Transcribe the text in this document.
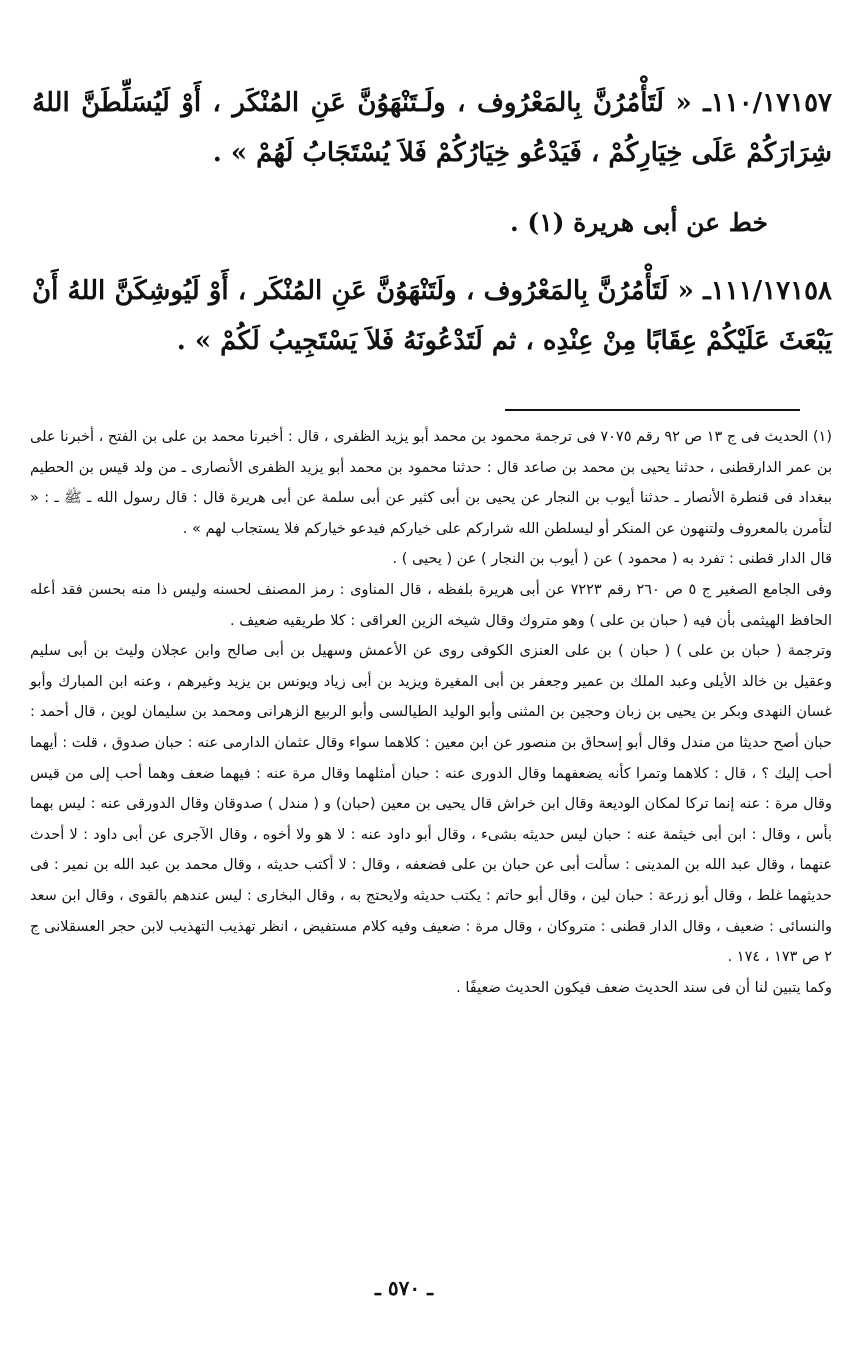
١١٠/١٧١٥٧ـ « لَتَأْمُرُنَّ بِالمَعْرُوف ، ولَـتَنْهَوُنَّ عَنِ المُنْكَر ، أَوْ لَيُسَلِّطَنَّ اللهُ شِرَارَكُمْ عَلَى خِيَارِكُمْ ، فَيَدْعُو خِيَارُكُمْ فَلاَ يُسْتَجَابُ لَهُمْ » .
خط عن أبى هريرة (١) .
١١١/١٧١٥٨ـ « لَتَأْمُرُنَّ بِالمَعْرُوف ، ولَتَنْهَوُنَّ عَنِ المُنْكَر ، أَوْ لَيُوشِكَنَّ اللهُ أَنْ يَبْعَثَ عَلَيْكُمْ عِقَابًا مِنْ عِنْدِه ، ثم لَتَدْعُونَهُ فَلاَ يَسْتَجِيبُ لَكُمْ » .

(١) الحديث فى ج ١٣ ص ٩٢ رقم ٧٠٧٥ فى ترجمة محمود بن محمد أبو يزيد الظفرى ، قال : أخبرنا محمد بن على بن الفتح ، أخبرنا على بن عمر الدارقطنى ، حدثنا يحيى بن محمد بن صاعد قال : حدثنا محمود بن محمد أبو يزيد الظفرى الأنصارى ـ من ولد قيس بن الحطيم ببغداد فى قنطرة الأنصار ـ حدثنا أيوب بن النجار عن يحيى بن أبى كثير عن أبى سلمة عن أبى هريرة قال : قال رسول الله ـ ﷺ ـ : « لتأمرن بالمعروف ولتنهون عن المنكر أو ليسلطن الله شراركم على خياركم فيدعو خياركم فلا يستجاب لهم » .

قال الدار قطنى : تفرد به ( محمود ) عن ( أيوب بن النجار ) عن ( يحيى ) .

وفى الجامع الصغير ج ٥ ص ٢٦٠ رقم ٧٢٢٣ عن أبى هريرة بلفظه ، قال المناوى : رمز المصنف لحسنه وليس ذا منه بحسن فقد أعله الحافظ الهيثمى بأن فيه ( حبان بن على ) وهو متروك وقال شيخه الزين العراقى : كلا طريقيه ضعيف .

وترجمة ( حبان بن على ) ( حبان ) بن على العنزى الكوفى روى عن الأعمش وسهيل بن أبى صالح وابن عجلان وليث بن أبى سليم وعقيل بن خالد الأيلى وعبد الملك بن عمير وجعفر بن أبى المغيرة ويزيد بن أبى زياد ويونس بن يزيد وغيرهم ، وعنه ابن المبارك وأبو غسان النهدى وبكر بن يحيى بن زبان وحجين بن المثنى وأبو الوليد الطيالسى وأبو الربيع الزهرانى ومحمد بن سليمان لوين ، قال أحمد : حبان أصح حديثا من مندل وقال أبو إسحاق بن منصور عن ابن معين : كلاهما سواء وقال عثمان الدارمى عنه : حبان صدوق ، قلت : أيهما أحب إليك ؟ ، قال : كلاهما وتمرا كأنه يضعفهما وقال الدورى عنه : حبان أمثلهما وقال مرة عنه : فيهما ضعف وهما أحب إلى من قيس وقال مرة : عنه إنما تركا لمكان الوديعة وقال ابن خراش قال يحيى بن معين (حبان) و ( مندل ) صدوقان وقال الدورقى عنه : ليس بهما بأس ، وقال : ابن أبى خيثمة عنه : حبان ليس حديثه بشىء ، وقال أبو داود عنه : لا هو ولا أخوه ، وقال الآجرى عن أبى داود : لا أحدث عنهما ، وقال عبد الله بن المدينى : سألت أبى عن حبان بن على فضعفه ، وقال : لا أكتب حديثه ، وقال محمد بن عبد الله بن نمير : فى حديثهما غلط ، وقال أبو زرعة : حبان لين ، وقال أبو حاتم : يكتب حديثه ولايحتج به ، وقال البخارى : ليس عندهم بالقوى ، وقال ابن سعد والنسائى : ضعيف ، وقال الدار قطنى : متروكان ، وقال مرة : ضعيف وفيه كلام مستفيض ، انظر تهذيب التهذيب لابن حجر العسقلانى ج ٢ ص ١٧٣ ، ١٧٤ .

وكما يتبين لنا أن فى سند الحديث ضعف فيكون الحديث ضعيفًا .

ـ ٥٧٠ ـ
